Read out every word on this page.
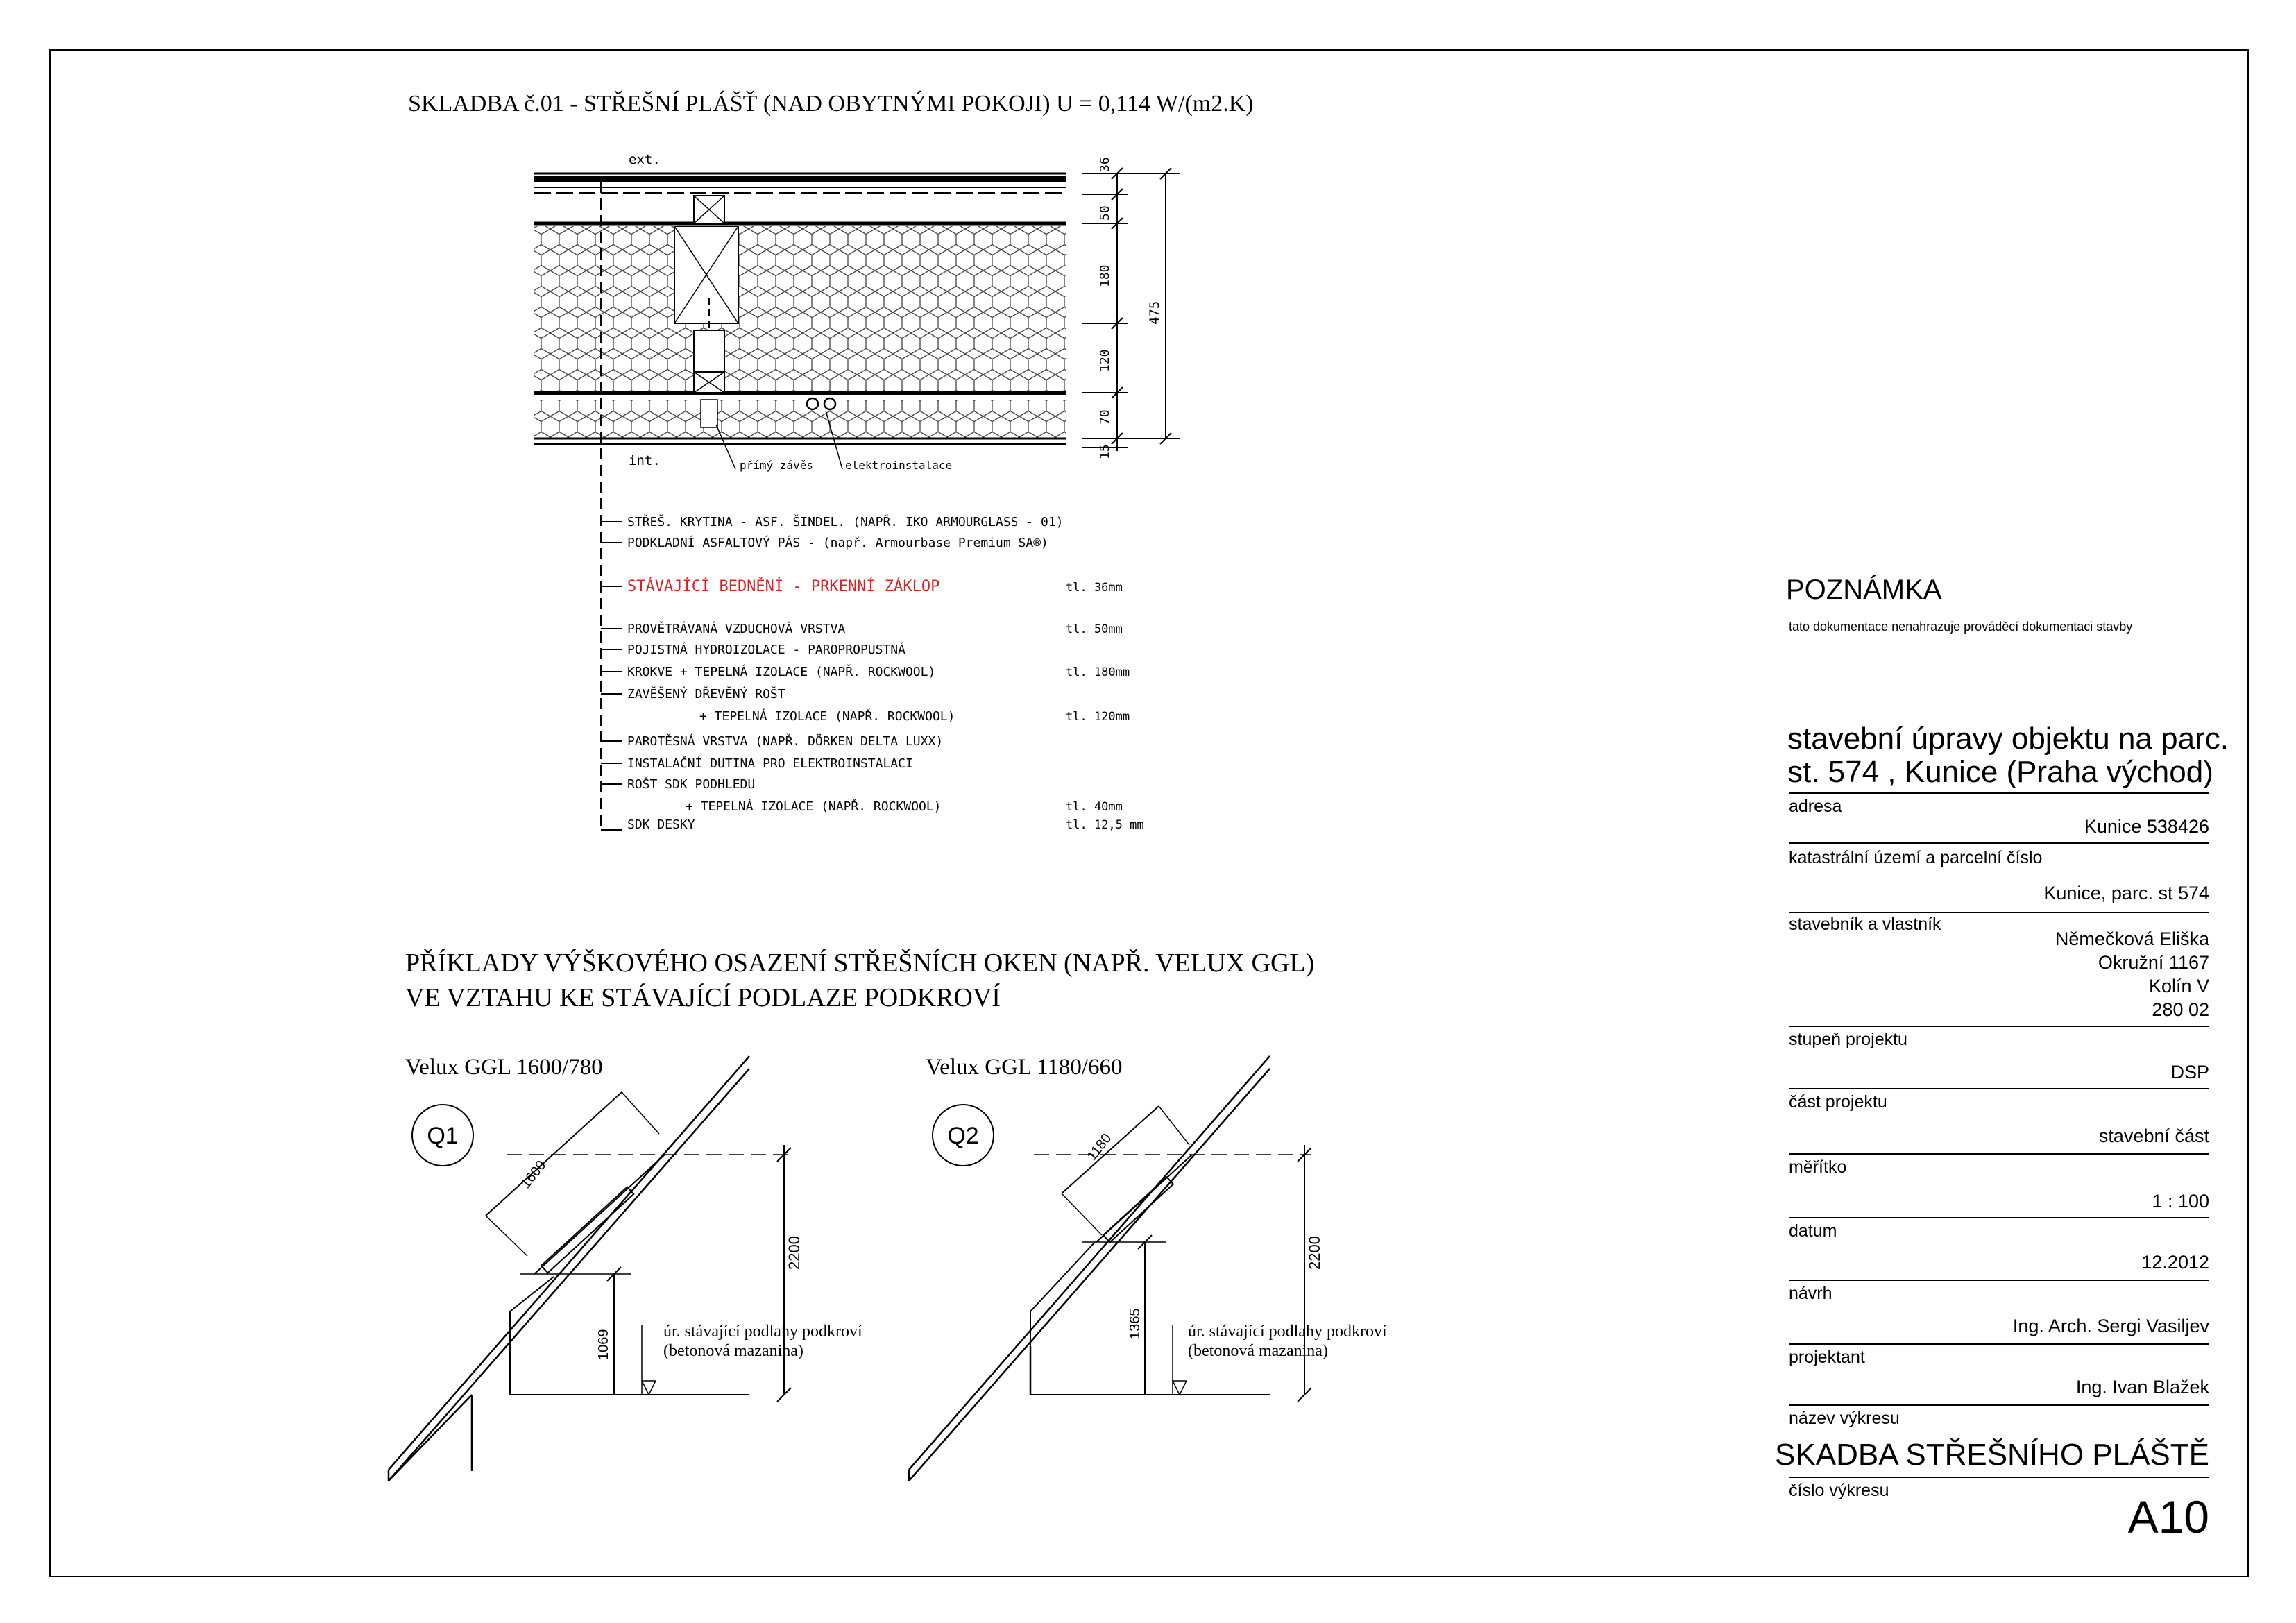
SKLADBA č.01 - STŘEŠNÍ PLÁŠŤ (NAD OBYTNÝMI POKOJI) U = 0,114 W/(m2.K)
ext.
int.	přímý závěs	elektroinstalace
36
50
180
120
70
15
475
STŘEŠ. KRYTINA - ASF. ŠINDEL. (NAPŘ. IKO ARMOURGLASS - 01)
PODKLADNÍ ASFALTOVÝ PÁS - (např. Armourbase Premium SA®)
STÁVAJÍCÍ BEDNĚNÍ - PRKENNÍ ZÁKLOP	tl. 36mm
PROVĚTRÁVANÁ VZDUCHOVÁ VRSTVA	tl. 50mm
POJISTNÁ HYDROIZOLACE - PAROPROPUSTNÁ
KROKVE + TEPELNÁ IZOLACE (NAPŘ. ROCKWOOL)	tl. 180mm
ZAVĚŠENÝ DŘEVĚNÝ ROŠT
+ TEPELNÁ IZOLACE (NAPŘ. ROCKWOOL)	tl. 120mm
PAROTĚSNÁ VRSTVA (NAPŘ. DÖRKEN DELTA LUXX)
INSTALAČNÍ DUTINA PRO ELEKTROINSTALACI
ROŠT SDK PODHLEDU
+ TEPELNÁ IZOLACE (NAPŘ. ROCKWOOL)	tl. 40mm
SDK DESKY	tl. 12,5 mm
PŘÍKLADY VÝŠKOVÉHO OSAZENÍ STŘEŠNÍCH OKEN (NAPŘ. VELUX GGL)
VE VZTAHU KE STÁVAJÍCÍ PODLAZE PODKROVÍ
Velux GGL 1600/780
Q1
1600
2200
1069	úr. stávající podlahy podkroví
(betonová mazanina)
Velux GGL 1180/660
Q2	1180
2200
1365	úr. stávající podlahy podkroví
(betonová mazanina)
POZNÁMKA
tato dokumentace nenahrazuje prováděcí dokumentaci stavby
stavební úpravy objektu na parc.
st. 574 , Kunice (Praha východ)
adresa
Kunice 538426
katastrální území a parcelní číslo
Kunice, parc. st 574
stavebník a vlastník
Němečková Eliška
Okružní 1167
Kolín V
280 02
stupeň projektu
DSP
část projektu
stavební část
měřítko
1 : 100
datum
12.2012
návrh
Ing. Arch. Sergi Vasiljev
projektant
Ing. Ivan Blažek
název výkresu
SKADBA STŘEŠNÍHO PLÁŠTĚ
číslo výkresu
A10
